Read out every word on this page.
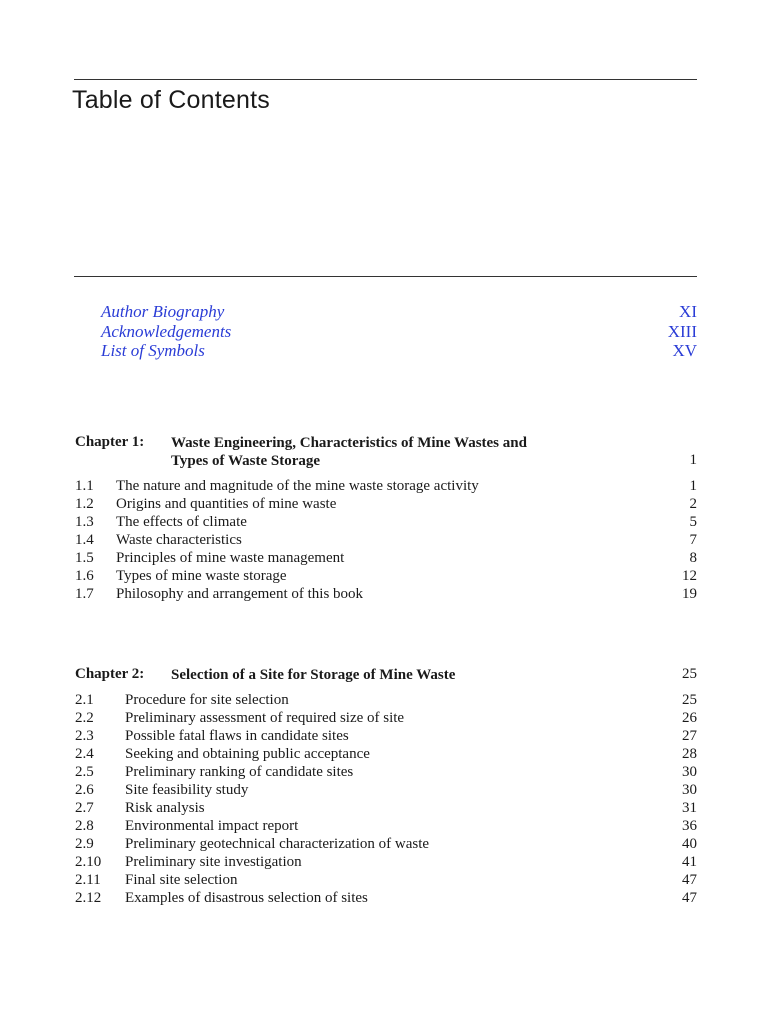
Table of Contents
Author Biography	XI
Acknowledgements	XIII
List of Symbols	XV
Chapter 1: Waste Engineering, Characteristics of Mine Wastes and
Types of Waste Storage	1
1.1 The nature and magnitude of the mine waste storage activity	1
1.2 Origins and quantities of mine waste	2
1.3 The effects of climate	5
1.4 Waste characteristics	7
1.5 Principles of mine waste management	8
1.6 Types of mine waste storage	12
1.7 Philosophy and arrangement of this book	19
Chapter 2: Selection of a Site for Storage of Mine Waste	25
2.1 Procedure for site selection	25
2.2 Preliminary assessment of required size of site	26
2.3 Possible fatal flaws in candidate sites	27
2.4 Seeking and obtaining public acceptance	28
2.5 Preliminary ranking of candidate sites	30
2.6 Site feasibility study	30
2.7 Risk analysis	31
2.8 Environmental impact report	36
2.9 Preliminary geotechnical characterization of waste	40
2.10 Preliminary site investigation	41
2.11 Final site selection	47
2.12 Examples of disastrous selection of sites	47
